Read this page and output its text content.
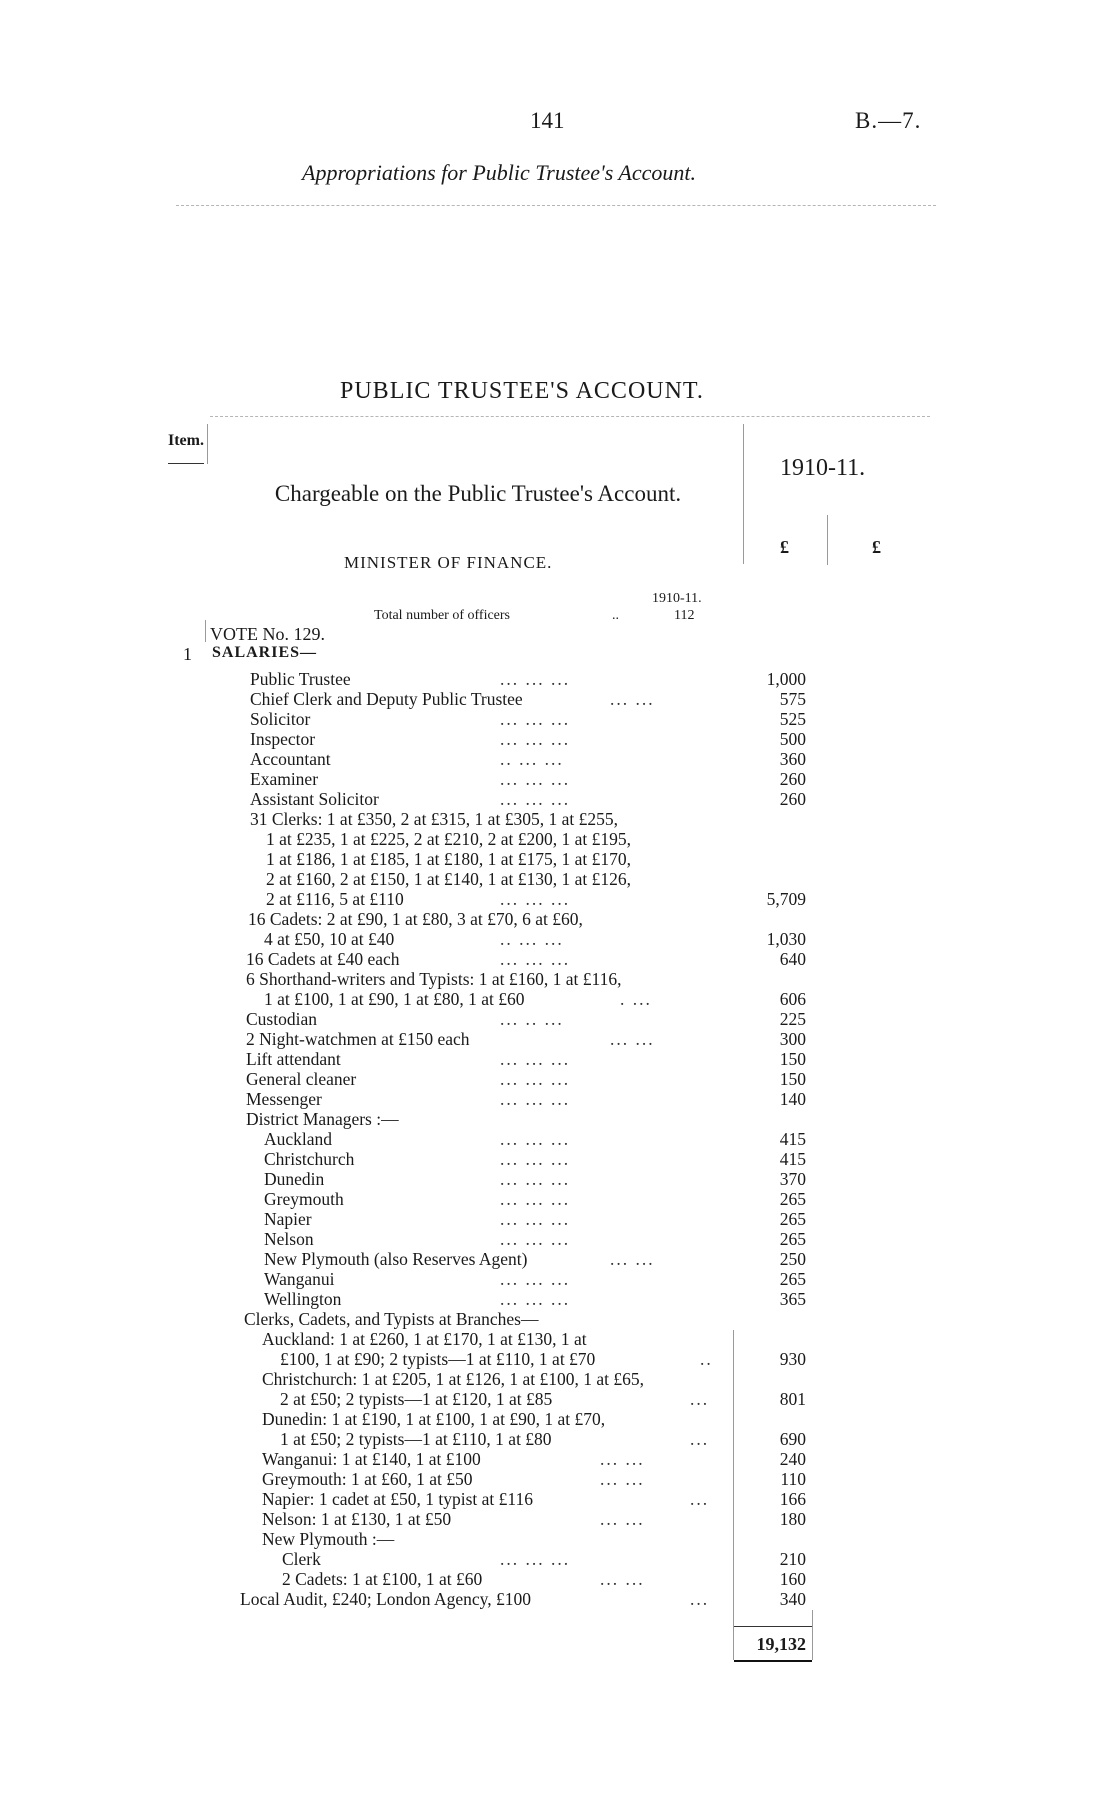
141	B.—7.
Appropriations for Public Trustee's Account.
PUBLIC TRUSTEE'S ACCOUNT.
Item.
1910-11.
Chargeable on the Public Trustee's Account.
MINISTER OF FINANCE.
£	£
1910-11.
Total number of officers	..	112
VOTE No. 129.
1 SALARIES—
Public Trustee	... ... ...	1,000
Chief Clerk and Deputy Public Trustee	... ...	575
Solicitor	... ... ...	525
Inspector	... ... ...	500
Accountant	.. ... ...	360
Examiner	... ... ...	260
Assistant Solicitor	... ... ...	260
31 Clerks: 1 at £350, 2 at £315, 1 at £305, 1 at £255,
1 at £235, 1 at £225, 2 at £210, 2 at £200, 1 at £195,
1 at £186, 1 at £185, 1 at £180, 1 at £175, 1 at £170,
2 at £160, 2 at £150, 1 at £140, 1 at £130, 1 at £126,
2 at £116, 5 at £110	... ... ...	5,709
16 Cadets: 2 at £90, 1 at £80, 3 at £70, 6 at £60,
4 at £50, 10 at £40	.. ... ...	1,030
16 Cadets at £40 each	... ... ...	640
6 Shorthand-writers and Typists: 1 at £160, 1 at £116,
1 at £100, 1 at £90, 1 at £80, 1 at £60	. ...	606
Custodian	... .. ...	225
2 Night-watchmen at £150 each	... ...	300
Lift attendant	... ... ...	150
General cleaner	... ... ...	150
Messenger	... ... ...	140
District Managers :—
Auckland	... ... ...	415
Christchurch	... ... ...	415
Dunedin	... ... ...	370
Greymouth	... ... ...	265
Napier	... ... ...	265
Nelson	... ... ...	265
New Plymouth (also Reserves Agent)	... ...	250
Wanganui	... ... ...	265
Wellington	... ... ...	365
Clerks, Cadets, and Typists at Branches—
Auckland: 1 at £260, 1 at £170, 1 at £130, 1 at
£100, 1 at £90; 2 typists—1 at £110, 1 at £70	..	930
Christchurch: 1 at £205, 1 at £126, 1 at £100, 1 at £65,
2 at £50; 2 typists—1 at £120, 1 at £85	...	801
Dunedin: 1 at £190, 1 at £100, 1 at £90, 1 at £70,
1 at £50; 2 typists—1 at £110, 1 at £80	...	690
Wanganui: 1 at £140, 1 at £100	... ...	240
Greymouth: 1 at £60, 1 at £50	... ...	110
Napier: 1 cadet at £50, 1 typist at £116	...	166
Nelson: 1 at £130, 1 at £50	... ...	180
New Plymouth :—
Clerk	... ... ...	210
2 Cadets: 1 at £100, 1 at £60	... ...	160
Local Audit, £240; London Agency, £100	...	340
19,132
